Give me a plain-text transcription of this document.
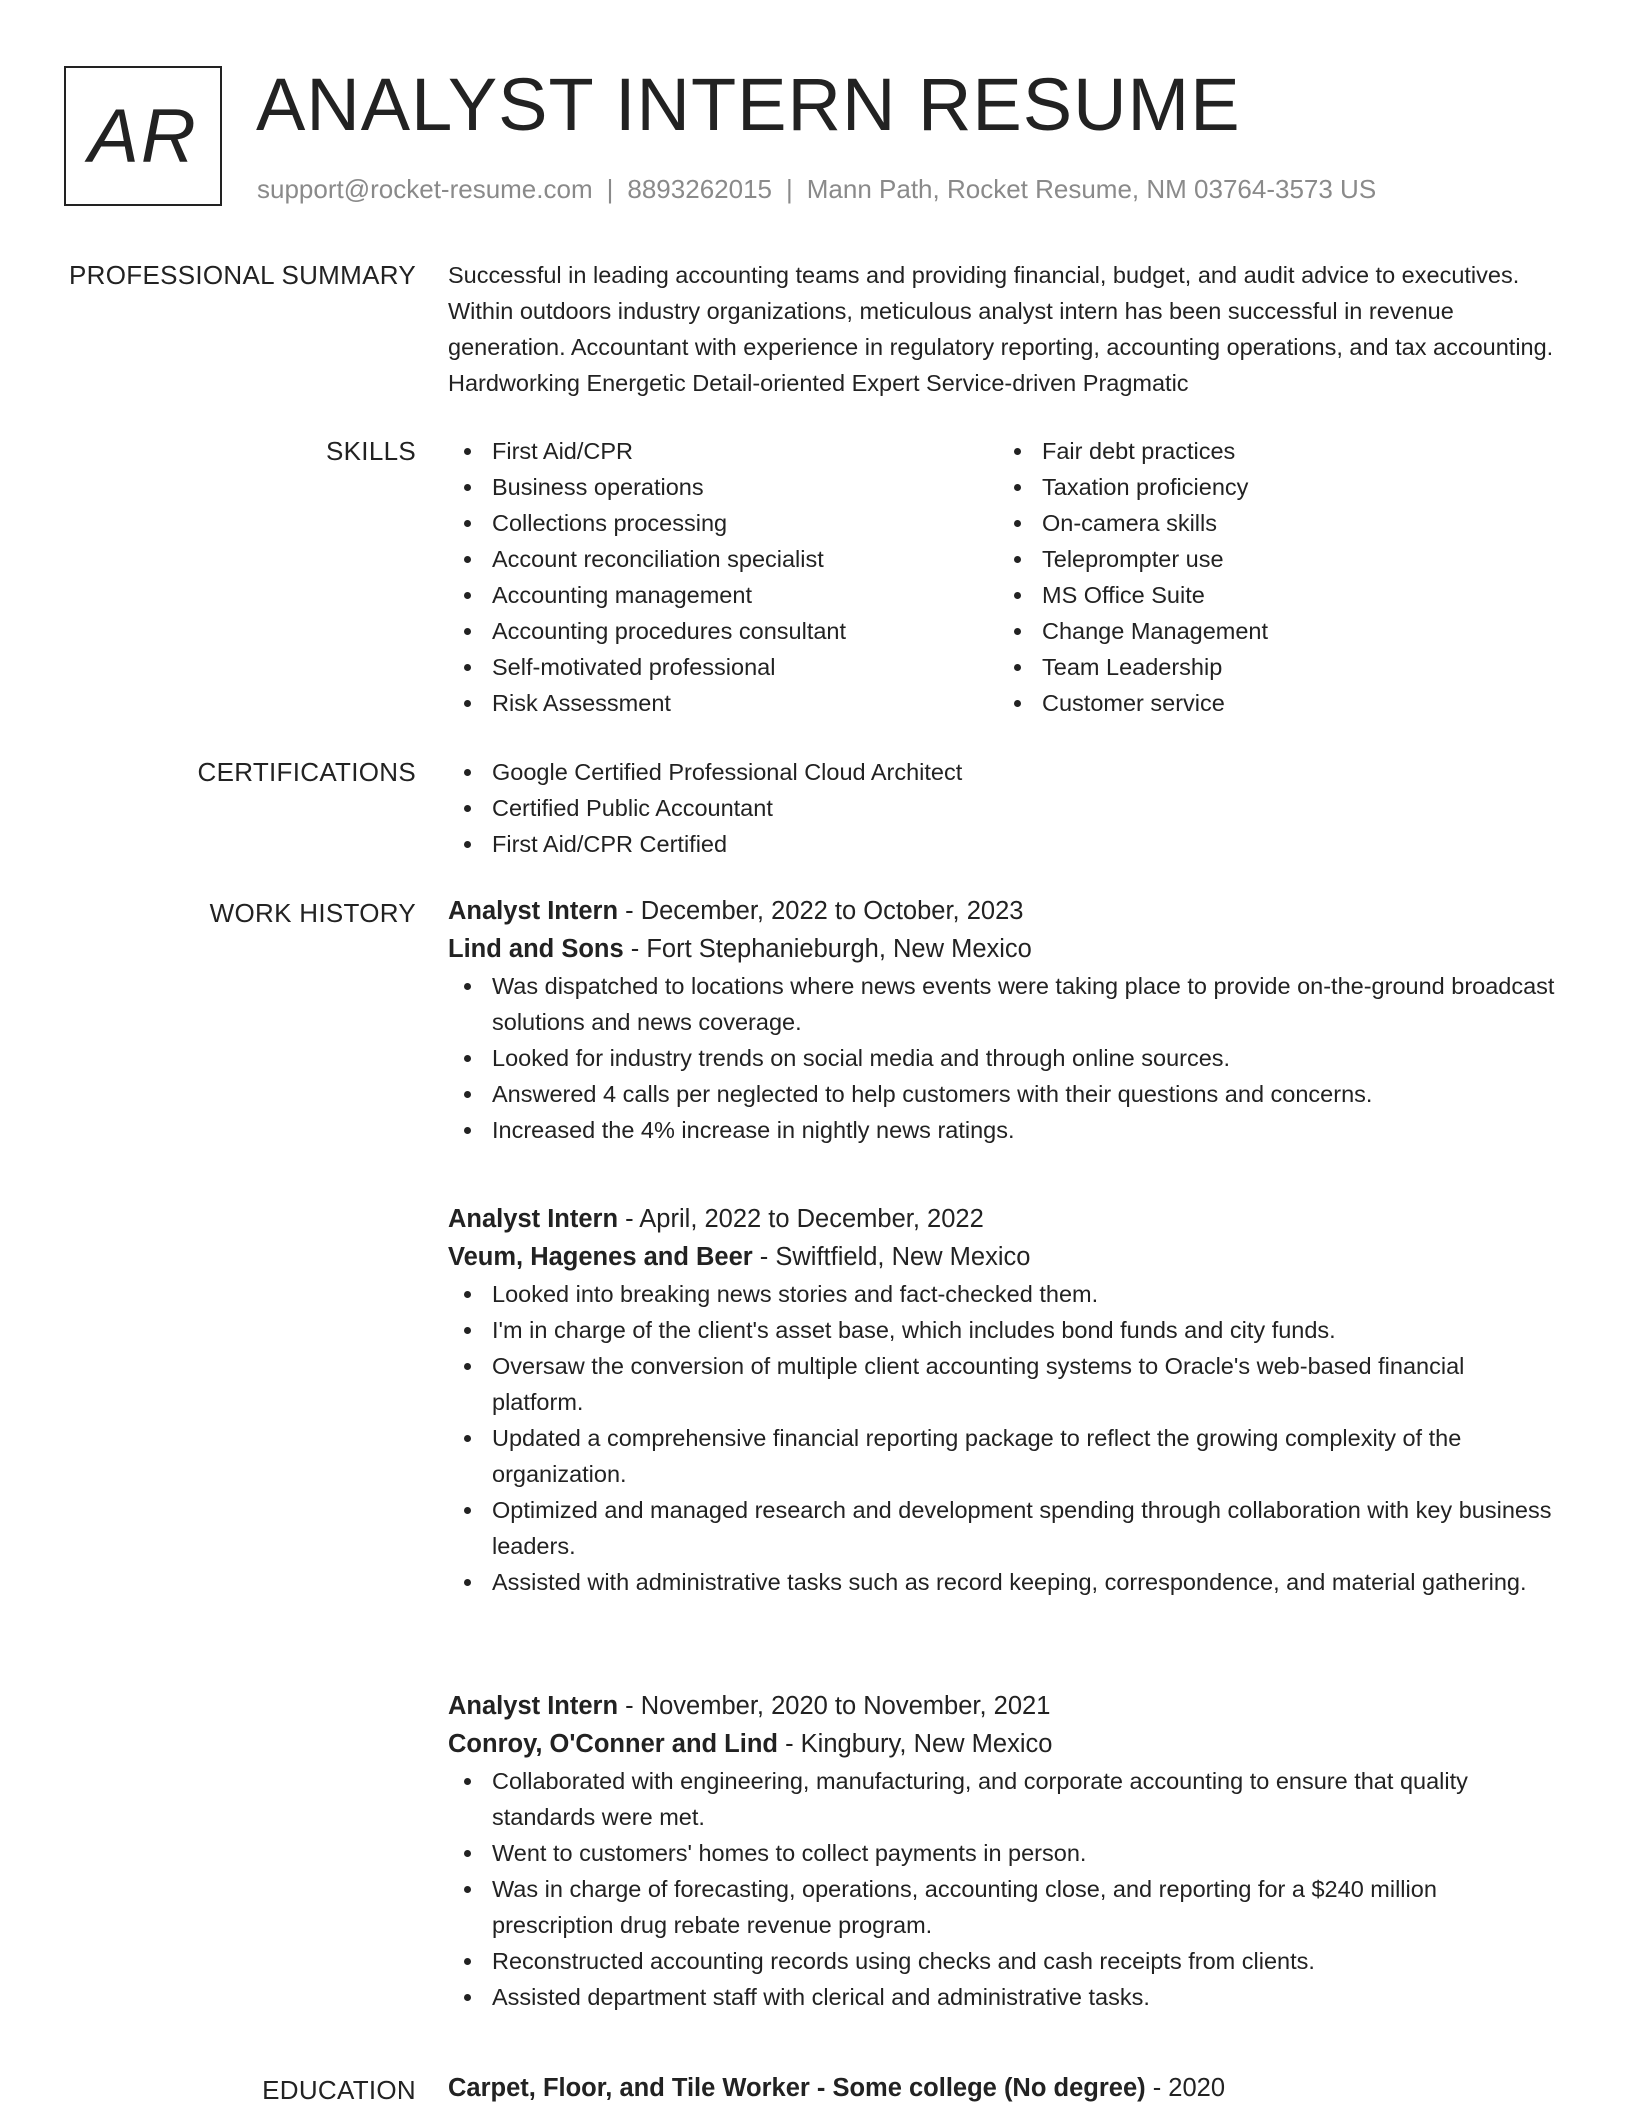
AR ANALYST INTERN RESUME
support@rocket-resume.com | 8893262015 | Mann Path, Rocket Resume, NM 03764-3573 US
PROFESSIONAL SUMMARY Successful in leading accounting teams and providing financial, budget, and audit advice to executives. Within outdoors industry organizations, meticulous analyst intern has been successful in revenue generation. Accountant with experience in regulatory reporting, accounting operations, and tax accounting. Hardworking Energetic Detail-oriented Expert Service-driven Pragmatic

SKILLS	First Aid/CPR
Business operations
Collections processing
Account reconciliation specialist
Accounting management
Accounting procedures consultant
Self-motivated professional
Risk Assessment
Fair debt practices
Taxation proficiency
On-camera skills
Teleprompter use
MS Office Suite
Change Management
Team Leadership
Customer service
CERTIFICATIONS	Google Certified Professional Cloud Architect
Certified Public Accountant
First Aid/CPR Certified
WORK HISTORY Analyst Intern - December, 2022 to October, 2023
Lind and Sons - Fort Stephanieburgh, New Mexico
Was dispatched to locations where news events were taking place to provide on-the-ground broadcast solutions and news coverage.
Looked for industry trends on social media and through online sources.
Answered 4 calls per neglected to help customers with their questions and concerns.
Increased the 4% increase in nightly news ratings.
Analyst Intern - April, 2022 to December, 2022
Veum, Hagenes and Beer - Swiftfield, New Mexico
Looked into breaking news stories and fact-checked them.
I'm in charge of the client's asset base, which includes bond funds and city funds.
Oversaw the conversion of multiple client accounting systems to Oracle's web-based financial platform.
Updated a comprehensive financial reporting package to reflect the growing complexity of the organization.
Optimized and managed research and development spending through collaboration with key business leaders.
Assisted with administrative tasks such as record keeping, correspondence, and material gathering.
Analyst Intern - November, 2020 to November, 2021
Conroy, O'Conner and Lind - Kingbury, New Mexico
Collaborated with engineering, manufacturing, and corporate accounting to ensure that quality standards were met.
Went to customers' homes to collect payments in person.
Was in charge of forecasting, operations, accounting close, and reporting for a $240 million prescription drug rebate revenue program.
Reconstructed accounting records using checks and cash receipts from clients.
Assisted department staff with clerical and administrative tasks.
EDUCATION Carpet, Floor, and Tile Worker - Some college (No degree) - 2020
